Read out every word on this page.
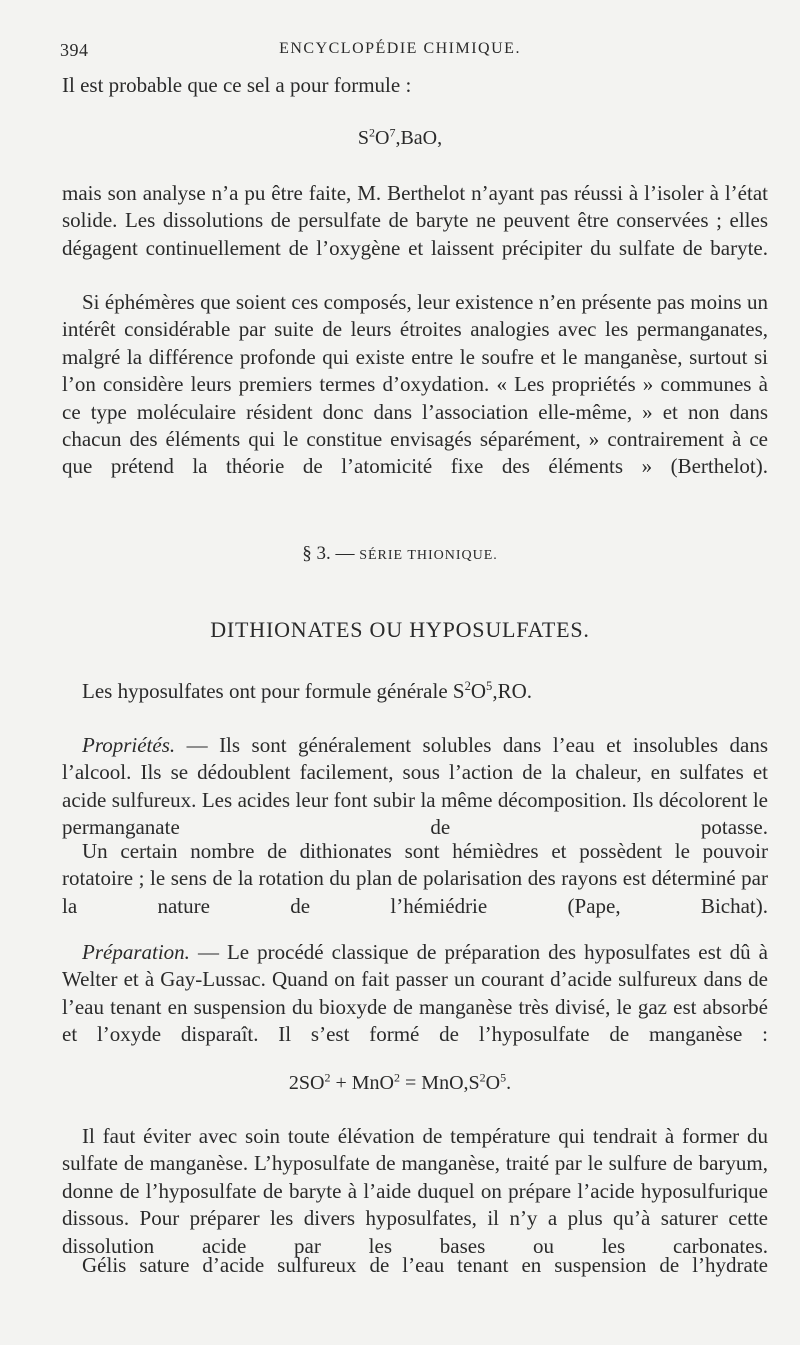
394	ENCYCLOPÉDIE CHIMIQUE.

Il est probable que ce sel a pour formule :

$S^2O^7,BaO$,

mais son analyse n’a pu être faite, M. Berthelot n’ayant pas réussi à l’isoler à l’état solide. Les dissolutions de persulfate de baryte ne peuvent être conservées ; elles dégagent continuellement de l’oxygène et laissent précipiter du sulfate de baryte.

Si éphémères que soient ces composés, leur existence n’en présente pas moins un intérêt considérable par suite de leurs étroites analogies avec les permanganates, malgré la différence profonde qui existe entre le soufre et le manganèse, surtout si l’on considère leurs premiers termes d’oxydation. « Les propriétés » communes à ce type moléculaire résident donc dans l’association elle-même, » et non dans chacun des éléments qui le constitue envisagés séparément, » contrairement à ce que prétend la théorie de l’atomicité fixe des éléments » (Berthelot).

§ 3. — SÉRIE THIONIQUE.
DITHIONATES OU HYPOSULFATES.

Les hyposulfates ont pour formule générale $S^2O^5,RO$.

Propriétés. — Ils sont généralement solubles dans l’eau et insolubles dans l’alcool. Ils se dédoublent facilement, sous l’action de la chaleur, en sulfates et acide sulfureux. Les acides leur font subir la même décomposition. Ils décolorent le permanganate de potasse.

Un certain nombre de dithionates sont hémièdres et possèdent le pouvoir rotatoire ; le sens de la rotation du plan de polarisation des rayons est déterminé par la nature de l’hémiédrie (Pape, Bichat).

Préparation. — Le procédé classique de préparation des hyposulfates est dû à Welter et à Gay-Lussac. Quand on fait passer un courant d’acide sulfureux dans de l’eau tenant en suspension du bioxyde de manganèse très divisé, le gaz est absorbé et l’oxyde disparaît. Il s’est formé de l’hyposulfate de manganèse :

$2SO^2 + MnO^2 = MnO,S^2O^5$.

Il faut éviter avec soin toute élévation de température qui tendrait à former du sulfate de manganèse. L’hyposulfate de manganèse, traité par le sulfure de baryum, donne de l’hyposulfate de baryte à l’aide duquel on prépare l’acide hyposulfurique dissous. Pour préparer les divers hyposulfates, il n’y a plus qu’à saturer cette dissolution acide par les bases ou les carbonates.

Gélis sature d’acide sulfureux de l’eau tenant en suspension de l’hydrate
